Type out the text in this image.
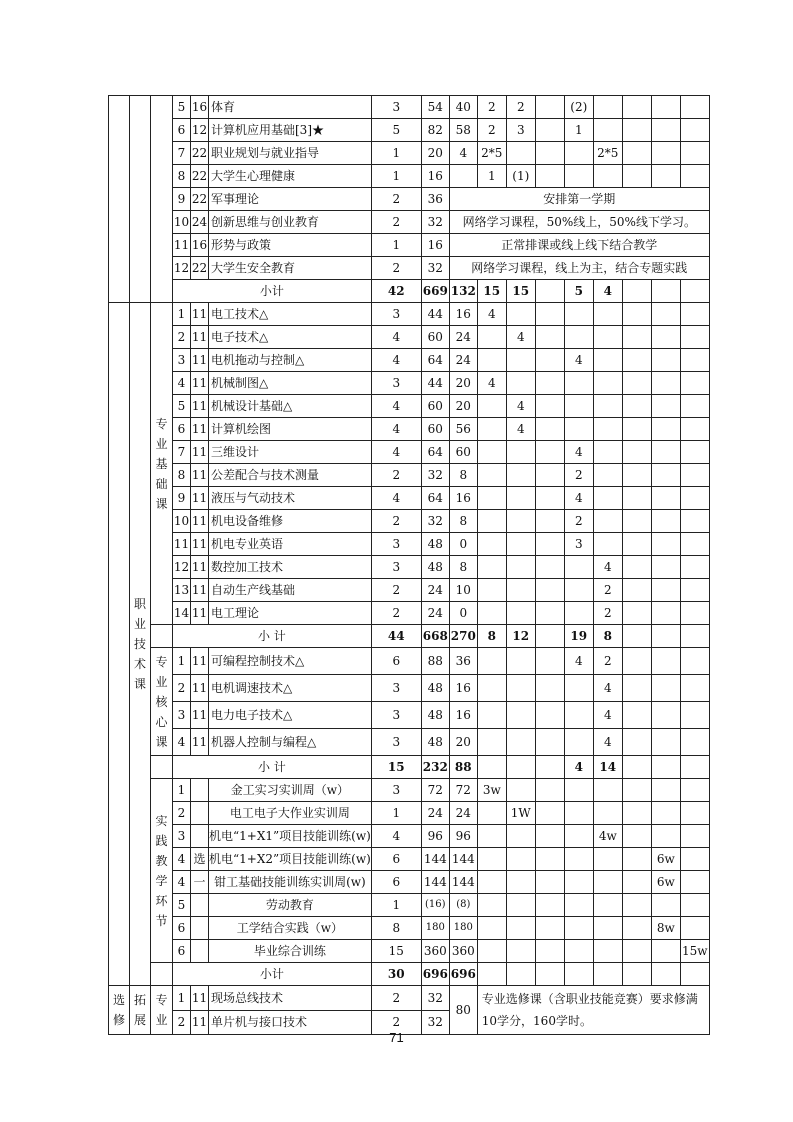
			5	16	体育	3	54	40	2	2		(2)				
			6	12	计算机应用基础[3]★	5	82	58	2	3		1				
			7	22	职业规划与就业指导	1	20	4	2*5				2*5			
			8	22	大学生心理健康	1	16		1	(1)						
			9	22	军事理论	2	36	安排第一学期								
			10	24	创新思维与创业教育	2	32	网络学习课程，50%线上，50%线下学习。								
			11	16	形势与政策	1	16	正常排课或线上线下结合教学								
			12	22	大学生安全教育	2	32	网络学习课程，线上为主，结合专题实践								
			小计			42	669	132	15	15		5	4			

	职业技术课	专业基础课	1	11	电工技术△	3	44	16	4							
			2	11	电子技术△	4	60	24		4						
			3	11	电机拖动与控制△	4	64	24				4				
			4	11	机械制图△	3	44	20	4							
			5	11	机械设计基础△	4	60	20		4						
			6	11	计算机绘图	4	60	56		4						
			7	11	三维设计	4	64	60				4				
			8	11	公差配合与技术测量	2	32	8				2				
			9	11	液压与气动技术	4	64	16				4				
			10	11	机电设备维修	2	32	8				2				
			11	11	机电专业英语	3	48	0				3				
			12	11	数控加工技术	3	48	8					4			
			13	11	自动生产线基础	2	24	10					2			
			14	11	电工理论	2	24	0					2			
			小 计			44	668	270	8	12		19	8			

		专业核心课	1	11	可编程控制技术△	6	88	36				4	2			
			2	11	电机调速技术△	3	48	16					4			
			3	11	电力电子技术△	3	48	16					4			
			4	11	机器人控制与编程△	3	48	20					4			
			小 计			15	232	88				4	14			

		实践教学环节	1		金工实习实训周（w）	3	72	72	3w							
			2		电工电子大作业实训周	1	24	24		1W						
			3		机电“1+X1”项目技能训练(w)	4	96	96					4w			
			4	选	机电“1+X2”项目技能训练(w)	6	144	144							6w	
			4	一	钳工基础技能训练实训周(w)	6	144	144							6w	
			5		劳动教育	1	(16)	(8)								
			6		工学结合实践（w）	8	180	180							8w	
			6		毕业综合训练	15	360	360								15w
			小计			30	696	696								
选修	拓展	专业	1	11	现场总线技术	2	32	80	专业选修课（含职业技能竞赛）要求修满10学分，160学时。							
			2	11	单片机与接口技术	2	32									
71
